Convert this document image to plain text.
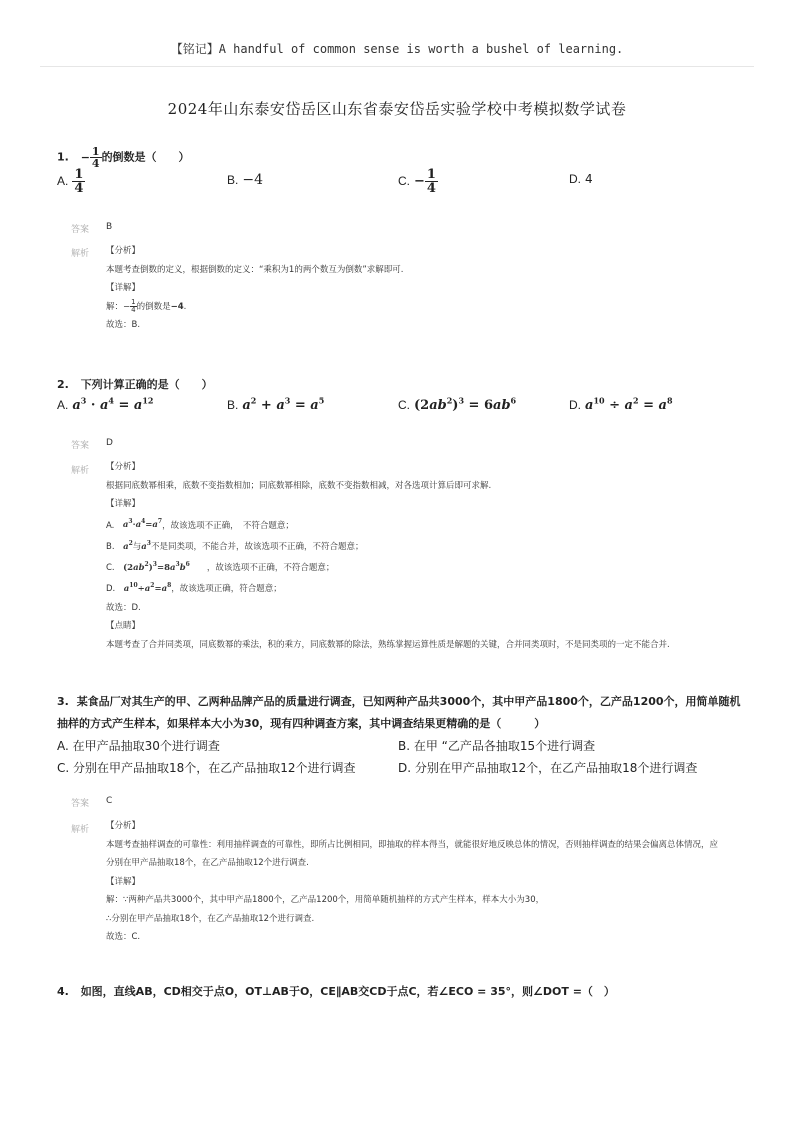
【铭记】A handful of common sense is worth a bushel of learning.
2024年山东泰安岱岳区山东省泰安岱岳实验学校中考模拟数学试卷
1. − $\frac{1}{4}$ 的倒数是（　　）
A. $\frac{1}{4}$	B. −4	C. − $\frac{1}{4}$	D. 4
答案 B
解析 【分析】
本题考查倒数的定义，根据倒数的定义：“乘积为1的两个数互为倒数”求解即可.
【详解】
解：− $\frac{1}{4}$ 的倒数是−4.
故选：B.
2. 下列计算正确的是（　　）
A. $a^3 \cdot a^4 = a^{12}$	B. $a^2 + a^3 = a^5$	C. $(2ab^2)^3 = 6ab^6$	D. $a^{10} \div a^2 = a^8$
答案 D
解析 【分析】
根据同底数幂相乘，底数不变指数相加；同底数幂相除，底数不变指数相减，对各选项计算后即可求解.
【详解】
A.　 $a^3\cdot a^4=a^7$，故该选项不正确，　不符合题意；
B.　 $a^2$与$a^3$不是同类项，不能合并，故该选项不正确，不符合题意；
C.　 $(2ab^2)^3=8a^3b^6$　　 ，故该选项不正确，不符合题意；
D.　 $a^{10}\div a^2=a^8$，故该选项正确，符合题意；
故选：D.
【点睛】
本题考查了合并同类项，同底数幂的乘法，积的乘方，同底数幂的除法，熟练掌握运算性质是解题的关键，合并同类项时，不是同类项的一定不能合并.
3. 某食品厂对其生产的甲、乙两种品牌产品的质量进行调查，已知两种产品共3000个，其中甲产品1800个，乙产品1200个，用简单随机抽样的方式产生样本，如果样本大小为30，现有四种调查方案，其中调查结果更精确的是（　　　）
A. 在甲产品抽取30个进行调查	B. 在甲 “乙产品各抽取15个进行调查
C. 分别在甲产品抽取18个，在乙产品抽取12个进行调查	D. 分别在甲产品抽取12个，在乙产品抽取18个进行调查
答案 C
解析 【分析】
本题考查抽样调查的可靠性：利用抽样调查的可靠性，即所占比例相同，即抽取的样本得当，就能很好地反映总体的情况，否则抽样调查的结果会偏离总体情况，应分别在甲产品抽取18个，在乙产品抽取12个进行调查.
【详解】
解：∵两种产品共3000个，其中甲产品1800个，乙产品1200个，用简单随机抽样的方式产生样本，样本大小为30，
∴分别在甲产品抽取18个，在乙产品抽取12个进行调查.
故选：C.
4. 如图，直线AB，CD相交于点O，OT⊥AB于O，CE∥AB交CD于点C，若∠ECO = 35°，则∠DOT =（　）
